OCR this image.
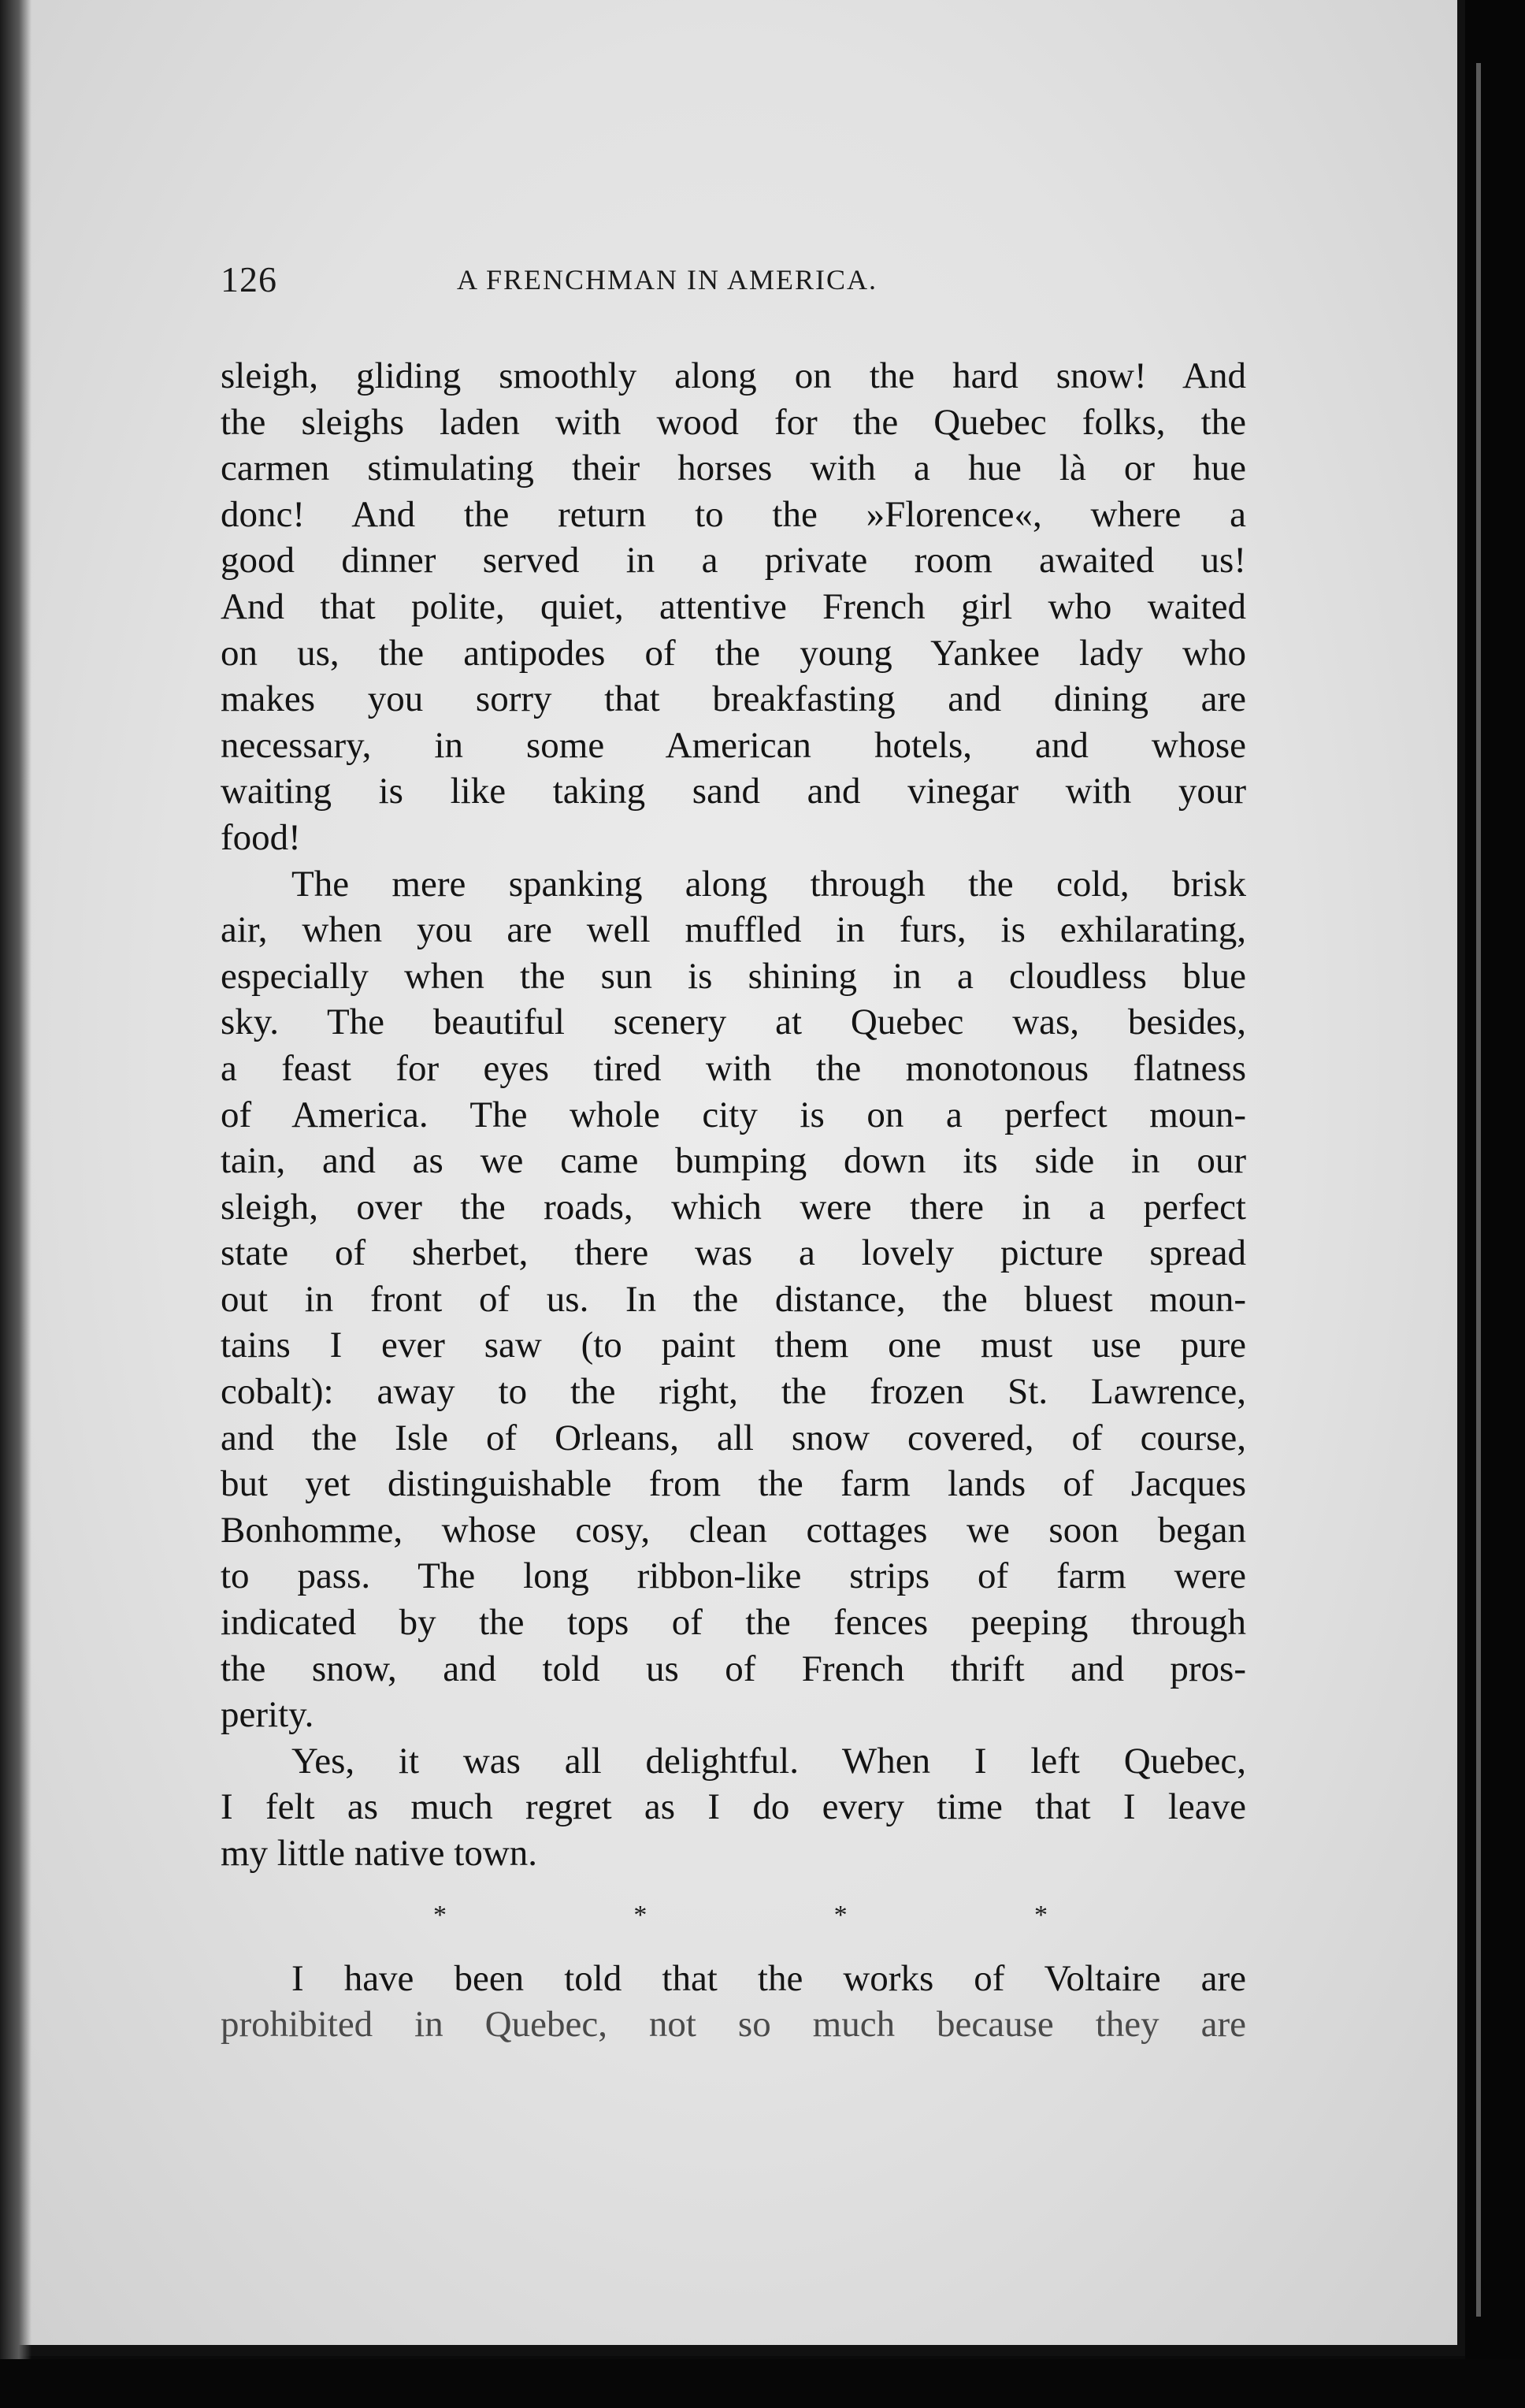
126	A FRENCHMAN IN AMERICA.
sleigh, gliding smoothly along on the hard snow! And
the sleighs laden with wood for the Quebec folks, the
carmen stimulating their horses with a hue là or hue
donc! And the return to the »Florence«, where a
good dinner served in a private room awaited us!
And that polite, quiet, attentive French girl who waited
on us, the antipodes of the young Yankee lady who
makes you sorry that breakfasting and dining are
necessary, in some American hotels, and whose
waiting is like taking sand and vinegar with your
food!
The mere spanking along through the cold, brisk
air, when you are well muffled in furs, is exhilarating,
especially when the sun is shining in a cloudless blue
sky. The beautiful scenery at Quebec was, besides,
a feast for eyes tired with the monotonous flatness
of America. The whole city is on a perfect moun-
tain, and as we came bumping down its side in our
sleigh, over the roads, which were there in a perfect
state of sherbet, there was a lovely picture spread
out in front of us. In the distance, the bluest moun-
tains I ever saw (to paint them one must use pure
cobalt): away to the right, the frozen St. Lawrence,
and the Isle of Orleans, all snow covered, of course,
but yet distinguishable from the farm lands of Jacques
Bonhomme, whose cosy, clean cottages we soon began
to pass. The long ribbon-like strips of farm were
indicated by the tops of the fences peeping through
the snow, and told us of French thrift and pros-
perity.
Yes, it was all delightful. When I left Quebec,
I felt as much regret as I do every time that I leave
my little native town.
*	*	*	*
I have been told that the works of Voltaire are
prohibited in Quebec, not so much because they are
